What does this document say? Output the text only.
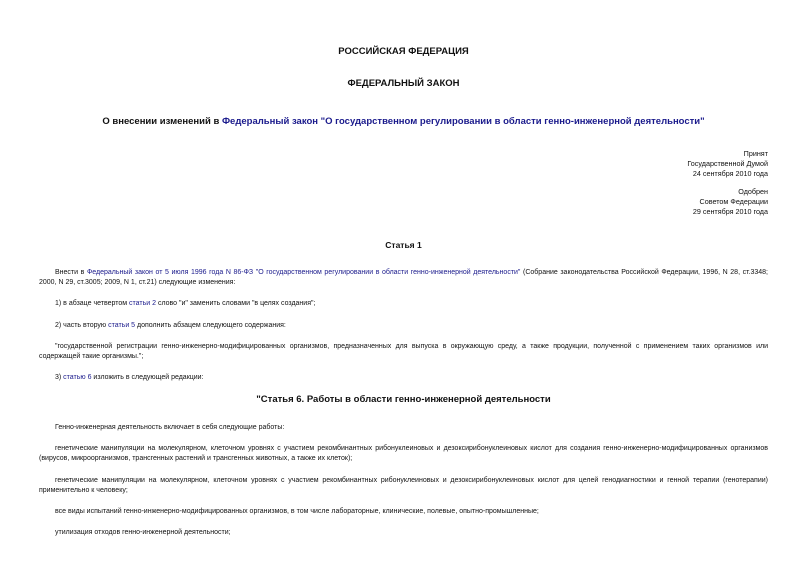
РОССИЙСКАЯ ФЕДЕРАЦИЯ
ФЕДЕРАЛЬНЫЙ ЗАКОН
О внесении изменений в Федеральный закон "О государственном регулировании в области генно-инженерной деятельности"
Принят
Государственной Думой
24 сентября 2010 года
Одобрен
Советом Федерации
29 сентября 2010 года
Статья 1
Внести в Федеральный закон от 5 июля 1996 года N 86-ФЗ "О государственном регулировании в области генно-инженерной деятельности" (Собрание законодательства Российской Федерации, 1996, N 28, ст.3348; 2000, N 29, ст.3005; 2009, N 1, ст.21) следующие изменения:
1) в абзаце четвертом статьи 2 слово "и" заменить словами "в целях создания";
2) часть вторую статьи 5 дополнить абзацем следующего содержания:
"государственной регистрации генно-инженерно-модифицированных организмов, предназначенных для выпуска в окружающую среду, а также продукции, полученной с применением таких организмов или содержащей такие организмы.";
3) статью 6 изложить в следующей редакции:
"Статья 6. Работы в области генно-инженерной деятельности
Генно-инженерная деятельность включает в себя следующие работы:
генетические манипуляции на молекулярном, клеточном уровнях с участием рекомбинантных рибонуклеиновых и дезоксирибонуклеиновых кислот для создания генно-инженерно-модифицированных организмов (вирусов, микроорганизмов, трансгенных растений и трансгенных животных, а также их клеток);
генетические манипуляции на молекулярном, клеточном уровнях с участием рекомбинантных рибонуклеиновых и дезоксирибонуклеиновых кислот для целей генодиагностики и генной терапии (генотерапии) применительно к человеку;
все виды испытаний генно-инженерно-модифицированных организмов, в том числе лабораторные, клинические, полевые, опытно-промышленные;
утилизация отходов генно-инженерной деятельности;
